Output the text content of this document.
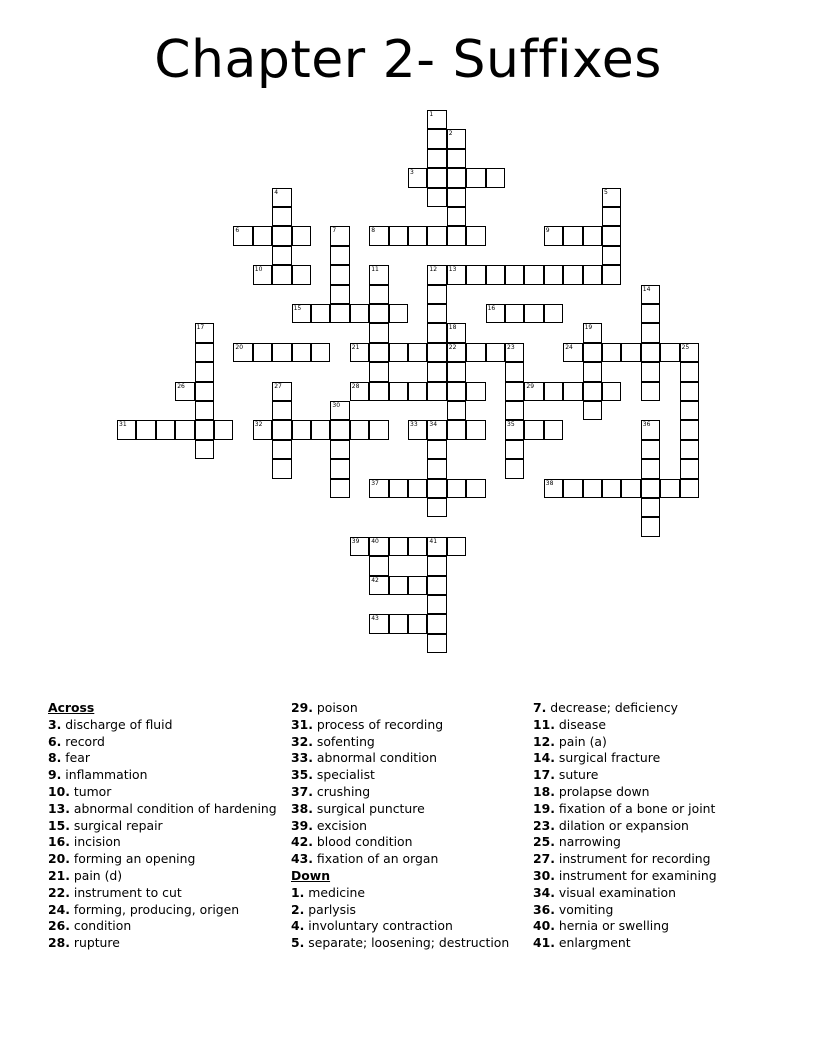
Chapter 2- Suffixes
1
2
3
4	5
6	7	8	9
10	11	12 13
14
15	16
17	18
22
19
20	21	23
35
24	25
26	27	28	29
30
31	32	33 34	36
37	38
39 40	41
42
43
Across
3. discharge of fluid
6. record
8. fear
9. inflammation
10. tumor
13. abnormal condition of hardening
15. surgical repair
16. incision
20. forming an opening
21. pain (d)
22. instrument to cut
24. forming, producing, origen
26. condition
28. rupture
29. poison
31. process of recording
32. sofenting
33. abnormal condition
35. specialist
37. crushing
38. surgical puncture
39. excision
42. blood condition
43. fixation of an organ
Down
1. medicine
2. parlysis
4. involuntary contraction
5. separate; loosening; destruction
7. decrease; deficiency
11. disease
12. pain (a)
14. surgical fracture
17. suture
18. prolapse down
19. fixation of a bone or joint
23. dilation or expansion
25. narrowing
27. instrument for recording
30. instrument for examining
34. visual examination
36. vomiting
40. hernia or swelling
41. enlargment
